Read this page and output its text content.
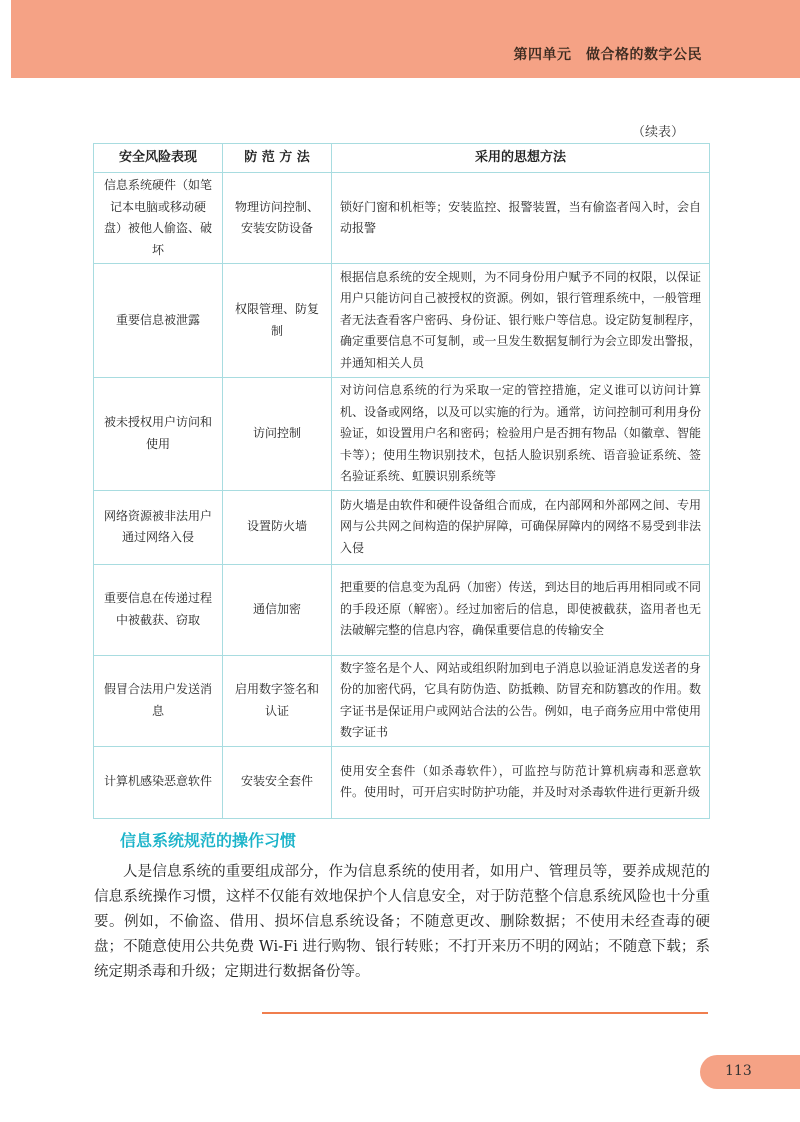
第四单元　做合格的数字公民
（续表）
安全风险表现	防 范 方 法	采用的思想方法
信息系统硬件（如笔记本电脑或移动硬盘）被他人偷盗、破坏	物理访问控制、安装安防设备	锁好门窗和机柜等；安装监控、报警装置，当有偷盗者闯入时，会自动报警
重要信息被泄露	权限管理、防复制	根据信息系统的安全规则，为不同身份用户赋予不同的权限，以保证用户只能访问自己被授权的资源。例如，银行管理系统中，一般管理者无法查看客户密码、身份证、银行账户等信息。设定防复制程序，确定重要信息不可复制，或一旦发生数据复制行为会立即发出警报，并通知相关人员
被未授权用户访问和使用	访问控制	对访问信息系统的行为采取一定的管控措施，定义谁可以访问计算机、设备或网络，以及可以实施的行为。通常，访问控制可利用身份验证，如设置用户名和密码；检验用户是否拥有物品（如徽章、智能卡等）；使用生物识别技术，包括人脸识别系统、语音验证系统、签名验证系统、虹膜识别系统等
网络资源被非法用户通过网络入侵	设置防火墙	防火墙是由软件和硬件设备组合而成，在内部网和外部网之间、专用网与公共网之间构造的保护屏障，可确保屏障内的网络不易受到非法入侵
重要信息在传递过程中被截获、窃取	通信加密	把重要的信息变为乱码（加密）传送，到达目的地后再用相同或不同的手段还原（解密）。经过加密后的信息，即使被截获，盗用者也无法破解完整的信息内容，确保重要信息的传输安全
假冒合法用户发送消息	启用数字签名和认证	数字签名是个人、网站或组织附加到电子消息以验证消息发送者的身份的加密代码，它具有防伪造、防抵赖、防冒充和防篡改的作用。数字证书是保证用户或网站合法的公告。例如，电子商务应用中常使用数字证书
计算机感染恶意软件	安装安全套件	使用安全套件（如杀毒软件），可监控与防范计算机病毒和恶意软件。使用时，可开启实时防护功能，并及时对杀毒软件进行更新升级
信息系统规范的操作习惯
人是信息系统的重要组成部分，作为信息系统的使用者，如用户、管理员等，要养成规范的信息系统操作习惯，这样不仅能有效地保护个人信息安全，对于防范整个信息系统风险也十分重要。例如，不偷盗、借用、损坏信息系统设备；不随意更改、删除数据；不使用未经查毒的硬盘；不随意使用公共免费 Wi-Fi 进行购物、银行转账；不打开来历不明的网站；不随意下载；系统定期杀毒和升级；定期进行数据备份等。
113
